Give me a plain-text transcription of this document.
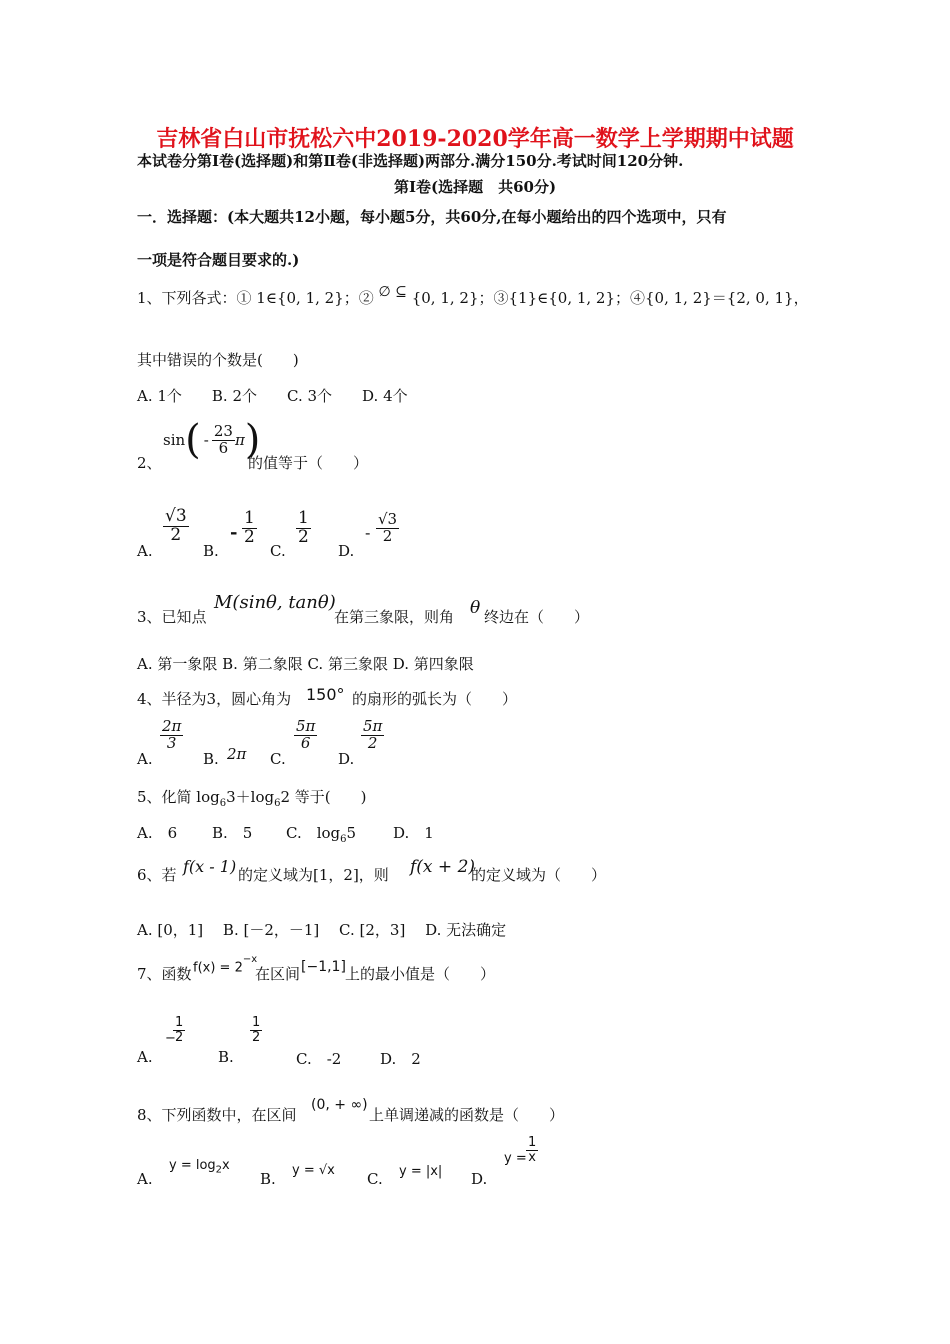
吉林省白山市抚松六中2019-2020学年高一数学上学期期中试题
本试卷分第Ⅰ卷(选择题)和第Ⅱ卷(非选择题)两部分.满分150分.考试时间120分钟.
第Ⅰ卷(选择题　共60分)
一．选择题：(本大题共12小题，每小题5分，共60分,在每小题给出的四个选项中，只有
一项是符合题目要求的.)
1、下列各式：① 1∈{0, 1, 2}；② ∅ ⊆ {0, 1, 2}；③{1}∈{0, 1, 2}；④{0, 1, 2}＝{2, 0, 1}，
其中错误的个数是(　　)
A. 1个　　B. 2个　　C. 3个　　D. 4个
2、
sin ( - $\frac{23}{6}$ π )
的值等于（　　）
A.
$\frac{√3}{2}$
B.
- $\frac{1}{2}$
C.
$\frac{1}{2}$
D.
- $\frac{√3}{2}$
3、已知点
M(sinθ, tanθ)
在第三象限，则角 θ 终边在（　　）
A. 第一象限 B. 第二象限 C. 第三象限 D. 第四象限
4、半径为3，圆心角为 150° 的扇形的弧长为（　　）
A.
$\frac{2\pi}{3}$
B. 2π C.
$\frac{5\pi}{6}$
D.
$\frac{5\pi}{2}$
5、化简 $\log_63+\log_62$ 等于(　　)
A.　6 B.　5 C.　$\log_65$ D.　1
6、若 f(x - 1) 的定义域为[1，2]，则 f(x + 2)
的定义域为（　　）
A. [0，1]　 B. [－2，－1]　 C. [2，3]　 D. 无法确定
7、函数 $f(x) = 2^{-x}$
在区间 [−1,1] 上的最小值是（　　）
A.
−
$\frac{1}{2}$
B.
$\frac{1}{2}$
C.　-2	D.　2
8、下列函数中，在区间
(0, + ∞)
上单调递减的函数是（　　）
A.
$y = \log_2x$
B. y = √x C. y = |x| D.
$y = \frac{1}{x}$
